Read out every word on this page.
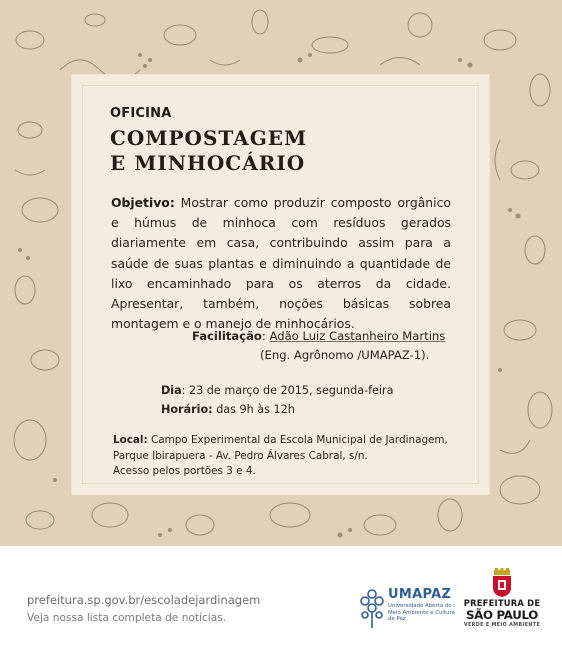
OFICINA
COMPOSTAGEM
E MINHOCÁRIO
Objetivo: Mostrar como produzir composto orgânico e húmus de minhoca com resíduos gerados diariamente em casa, contribuindo assim para a saúde de suas plantas e diminuindo a quantidade de lixo encaminhado para os aterros da cidade. Apresentar, também, noções básicas sobrea montagem e o manejo de minhocários.
Facilitação: Adão Luiz Castanheiro Martins
(Eng. Agrônomo /UMAPAZ-1).
Dia: 23 de março de 2015, segunda-feira
Horário: das 9h às 12h
Local: Campo Experimental da Escola Municipal de Jardinagem,
Parque Ibirapuera - Av. Pedro Álvares Cabral, s/n.
Acesso pelos portões 3 e 4.
prefeitura.sp.gov.br/escoladejardinagem
Veja nossa lista completa de notícias.
UMAPAZ
Universidade Aberta do Meio Ambiente e Cultura de Paz
PREFEITURA DE
SÃO PAULO
VERDE E MEIO AMBIENTE
